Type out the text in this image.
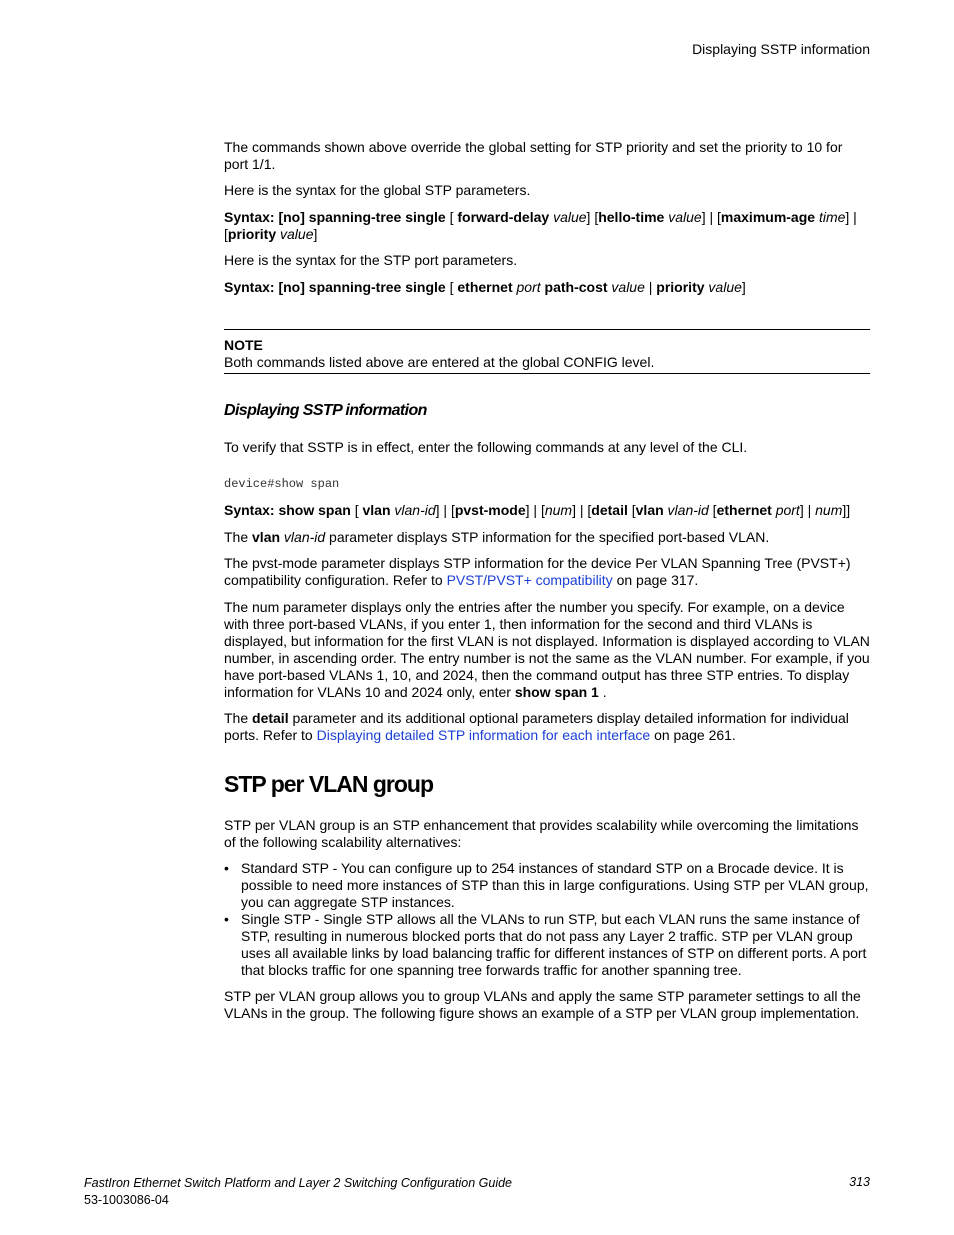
Displaying SSTP information

The commands shown above override the global setting for STP priority and set the priority to 10 for port 1/1.

Here is the syntax for the global STP parameters.

Syntax: [no] spanning-tree single [ forward-delay value] [hello-time value] | [maximum-age time] | [priority value]

Here is the syntax for the STP port parameters.

Syntax: [no] spanning-tree single [ ethernet port path-cost value | priority value]

NOTE
Both commands listed above are entered at the global CONFIG level.
Displaying SSTP information

To verify that SSTP is in effect, enter the following commands at any level of the CLI.

device#show span

Syntax: show span [ vlan vlan-id] | [pvst-mode] | [num] | [detail [vlan vlan-id [ethernet port] | num]]

The vlan vlan-id parameter displays STP information for the specified port-based VLAN.

The pvst-mode parameter displays STP information for the device Per VLAN Spanning Tree (PVST+) compatibility configuration. Refer to PVST/PVST+ compatibility on page 317.

The num parameter displays only the entries after the number you specify. For example, on a device with three port-based VLANs, if you enter 1, then information for the second and third VLANs is displayed, but information for the first VLAN is not displayed. Information is displayed according to VLAN number, in ascending order. The entry number is not the same as the VLAN number. For example, if you have port-based VLANs 1, 10, and 2024, then the command output has three STP entries. To display information for VLANs 10 and 2024 only, enter show span 1 .

The detail parameter and its additional optional parameters display detailed information for individual ports. Refer to Displaying detailed STP information for each interface on page 261.

STP per VLAN group

STP per VLAN group is an STP enhancement that provides scalability while overcoming the limitations of the following scalability alternatives:

• Standard STP - You can configure up to 254 instances of standard STP on a Brocade device. It is possible to need more instances of STP than this in large configurations. Using STP per VLAN group, you can aggregate STP instances.
• Single STP - Single STP allows all the VLANs to run STP, but each VLAN runs the same instance of STP, resulting in numerous blocked ports that do not pass any Layer 2 traffic. STP per VLAN group uses all available links by load balancing traffic for different instances of STP on different ports. A port that blocks traffic for one spanning tree forwards traffic for another spanning tree.

STP per VLAN group allows you to group VLANs and apply the same STP parameter settings to all the VLANs in the group. The following figure shows an example of a STP per VLAN group implementation.

FastIron Ethernet Switch Platform and Layer 2 Switching Configuration Guide
53-1003086-04
313
